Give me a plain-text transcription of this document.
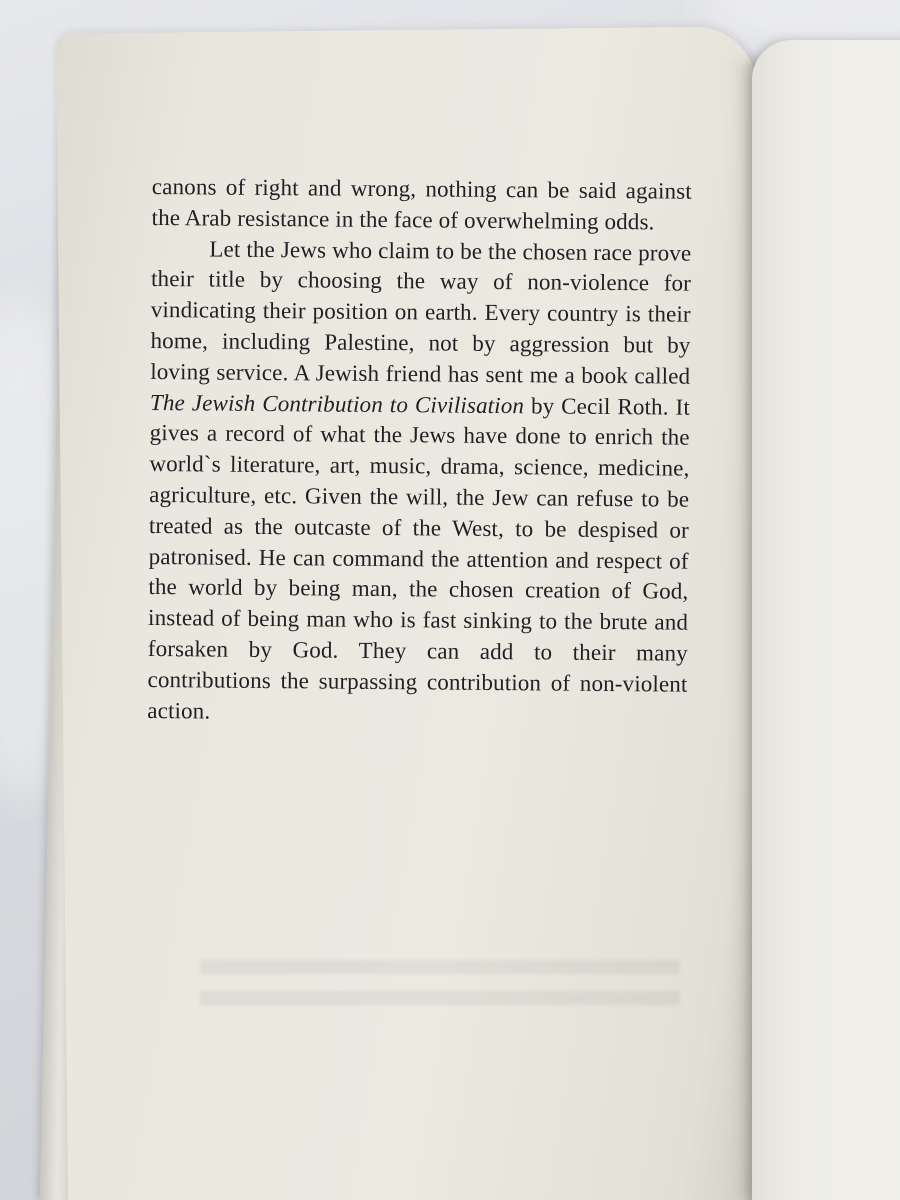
canons of right and wrong, nothing can be said against the Arab resistance in the face of overwhelming odds.

Let the Jews who claim to be the chosen race prove their title by choosing the way of non-violence for vindicating their position on earth. Every country is their home, including Palestine, not by aggression but by loving service. A Jewish friend has sent me a book called The Jewish Contribution to Civilisation by Cecil Roth. It gives a record of what the Jews have done to enrich the world`s literature, art, music, drama, science, medicine, agriculture, etc. Given the will, the Jew can refuse to be treated as the outcaste of the West, to be despised or patronised. He can command the attention and respect of the world by being man, the chosen creation of God, instead of being man who is fast sinking to the brute and forsaken by God. They can add to their many contributions the surpassing contribution of non-violent action.
